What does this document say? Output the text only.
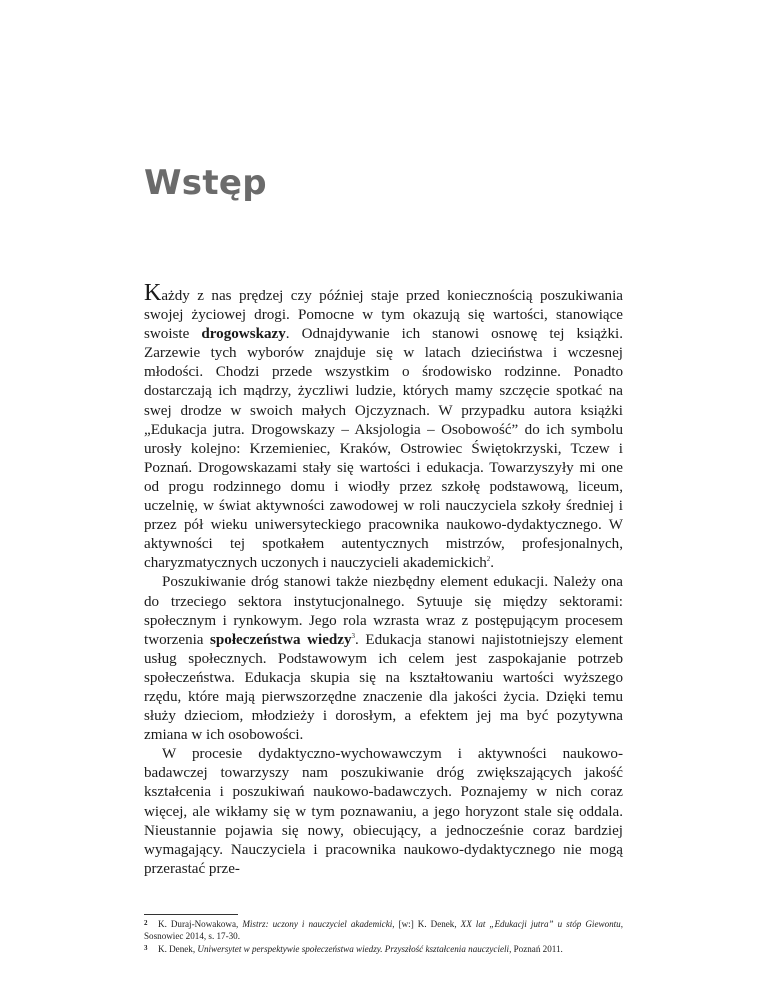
Wstęp

Każdy z nas prędzej czy później staje przed koniecznością poszukiwania swojej życiowej drogi. Pomocne w tym okazują się wartości, stanowiące swoiste drogowskazy. Odnajdywanie ich stanowi osnowę tej książki. Zarzewie tych wyborów znajduje się w latach dzieciństwa i wczesnej młodości. Chodzi przede wszystkim o środowisko rodzinne. Ponadto dostarczają ich mądrzy, życzliwi ludzie, których mamy szczęcie spotkać na swej drodze w swoich małych Ojczyznach. W przypadku autora książki „Edukacja jutra. Drogowskazy – Aksjologia – Osobowość” do ich symbolu urosły kolejno: Krzemieniec, Kraków, Ostrowiec Świętokrzyski, Tczew i Poznań. Drogowskazami stały się wartości i edukacja. Towarzyszyły mi one od progu rodzinnego domu i wiodły przez szkołę podstawową, liceum, uczelnię, w świat aktywności zawodowej w roli nauczyciela szkoły średniej i przez pół wieku uniwersyteckiego pracownika naukowo-dydaktycznego. W aktywności tej spotkałem autentycznych mistrzów, profesjonalnych, charyzmatycznych uczonych i nauczycieli akademickich$^2$.

Poszukiwanie dróg stanowi także niezbędny element edukacji. Należy ona do trzeciego sektora instytucjonalnego. Sytuuje się między sektorami: społecznym i rynkowym. Jego rola wzrasta wraz z postępującym procesem tworzenia społeczeństwa wiedzy$^3$. Edukacja stanowi najistotniejszy element usług społecznych. Podstawowym ich celem jest zaspokajanie potrzeb społeczeństwa. Edukacja skupia się na kształtowaniu wartości wyższego rzędu, które mają pierwszorzędne znaczenie dla jakości życia. Dzięki temu służy dzieciom, młodzieży i dorosłym, a efektem jej ma być pozytywna zmiana w ich osobowości.

W procesie dydaktyczno-wychowawczym i aktywności naukowo-badawczej towarzyszy nam poszukiwanie dróg zwiększających jakość kształcenia i poszukiwań naukowo-badawczych. Poznajemy w nich coraz więcej, ale wikłamy się w tym poznawaniu, a jego horyzont stale się oddala. Nieustannie pojawia się nowy, obiecujący, a jednocześnie coraz bardziej wymagający. Nauczyciela i pracownika naukowo-dydaktycznego nie mogą przerastać prze-

2 K. Duraj-Nowakowa, Mistrz: uczony i nauczyciel akademicki, [w:] K. Denek, XX lat „Edukacji jutra” u stóp Giewontu, Sosnowiec 2014, s. 17-30.

3 K. Denek, Uniwersytet w perspektywie społeczeństwa wiedzy. Przyszłość kształcenia nauczycieli, Poznań 2011.
